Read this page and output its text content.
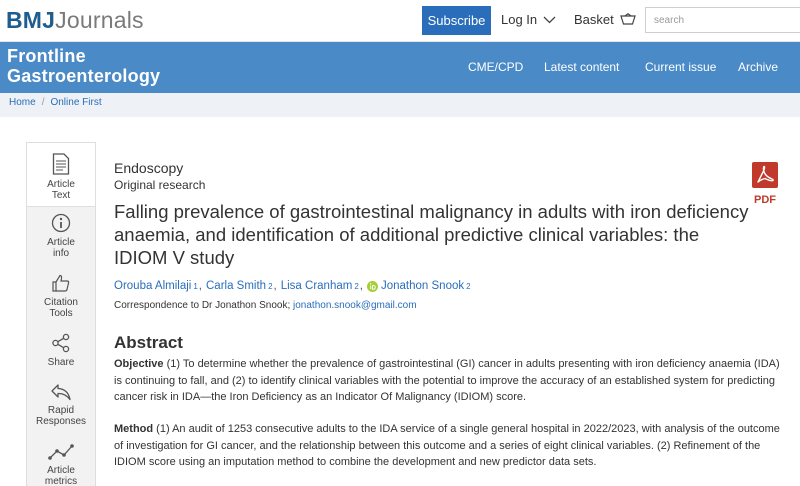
BMJJournals	Subscribe	Log In	Basket
search
Frontline
Gastroenterology	CME/CPD Latest content Current issue Archive
Home / Online First
Article
Text
Article
info
Citation
Tools
Share
Rapid
Responses
Article
metrics
Endoscopy
Original research
PDF
Falling prevalence of gastrointestinal malignancy in adults with iron deficiency anaemia, and identification of additional predictive clinical variables: the IDIOM V study
Orouba Almilaji 1 , Carla Smith 2 , Lisa Cranham 2 , Jonathon Snook 2
Correspondence to Dr Jonathon Snook; jonathon.snook@gmail.com
Abstract

Objective (1) To determine whether the prevalence of gastrointestinal (GI) cancer in adults presenting with iron deficiency anaemia (IDA) is continuing to fall, and (2) to identify clinical variables with the potential to improve the accuracy of an established system for predicting cancer risk in IDA—the Iron Deficiency as an Indicator Of Malignancy (IDIOM) score.

Method (1) An audit of 1253 consecutive adults to the IDA service of a single general hospital in 2022/2023, with analysis of the outcome of investigation for GI cancer, and the relationship between this outcome and a series of eight clinical variables. (2) Refinement of the IDIOM score using an imputation method to combine the development and new predictor data sets.
